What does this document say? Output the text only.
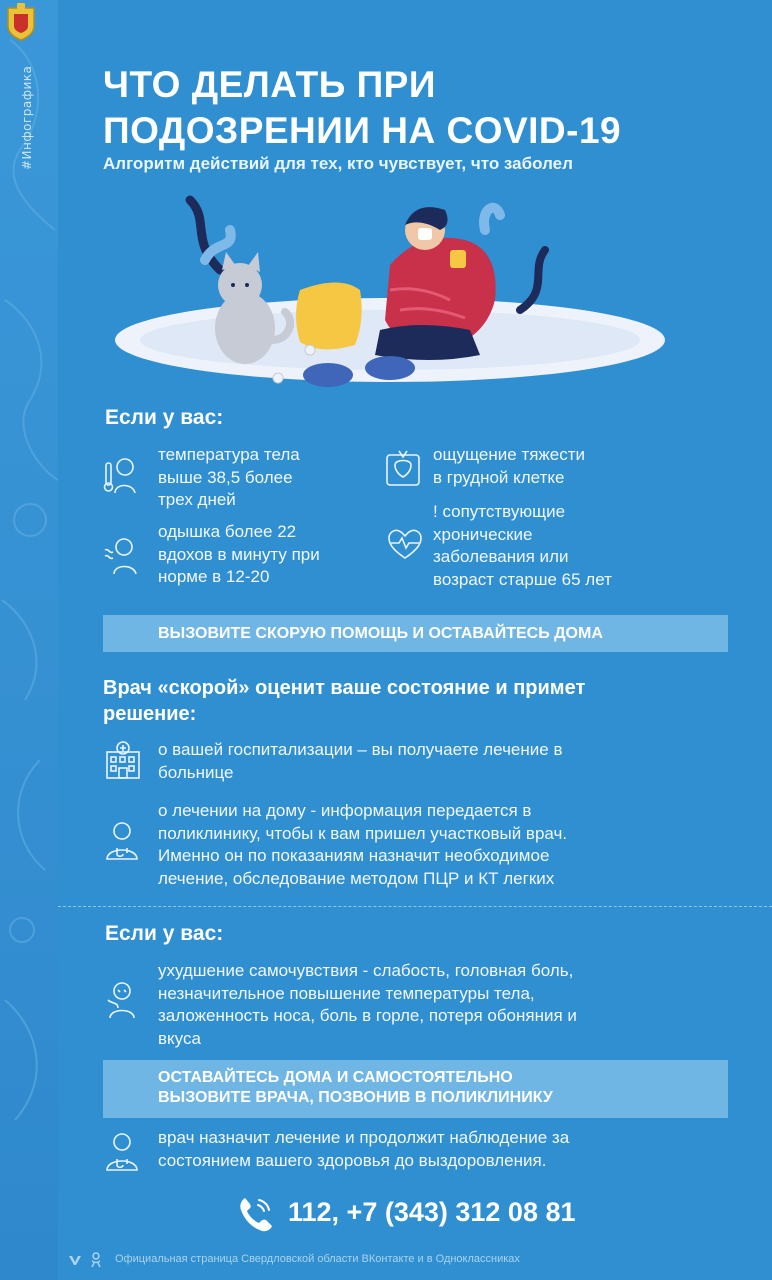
#Инфографика ЧТО ДЕЛАТЬ ПРИ
ПОДОЗРЕНИИ НА COVID-19
Алгоритм действий для тех, кто чувствует, что заболел
Если у вас:
температура тела
выше 38,5 более
трех дней
ощущение тяжести
в грудной клетке
одышка более 22
вдохов в минуту при
норме в 12-20
! сопутствующие
хронические
заболевания или
возраст старше 65 лет
ВЫЗОВИТЕ СКОРУЮ ПОМОЩЬ И ОСТАВАЙТЕСЬ ДОМА
Врач «скорой» оценит ваше состояние и примет
решение:
о вашей госпитализации – вы получаете лечение в
больнице
о лечении на дому - информация передается в
поликлинику, чтобы к вам пришел участковый врач.
Именно он по показаниям назначит необходимое
лечение, обследование методом ПЦР и КТ легких
Если у вас:
ухудшение самочувствия - слабость, головная боль,
незначительное повышение температуры тела,
заложенность носа, боль в горле, потеря обоняния и
вкуса
ОСТАВАЙТЕСЬ ДОМА И САМОСТОЯТЕЛЬНО
ВЫЗОВИТЕ ВРАЧА, ПОЗВОНИВ В ПОЛИКЛИНИКУ
врач назначит лечение и продолжит наблюдение за
состоянием вашего здоровья до выздоровления.
112, +7 (343) 312 08 81
Официальная страница Свердловской области ВКонтакте и в Одноклассниках
